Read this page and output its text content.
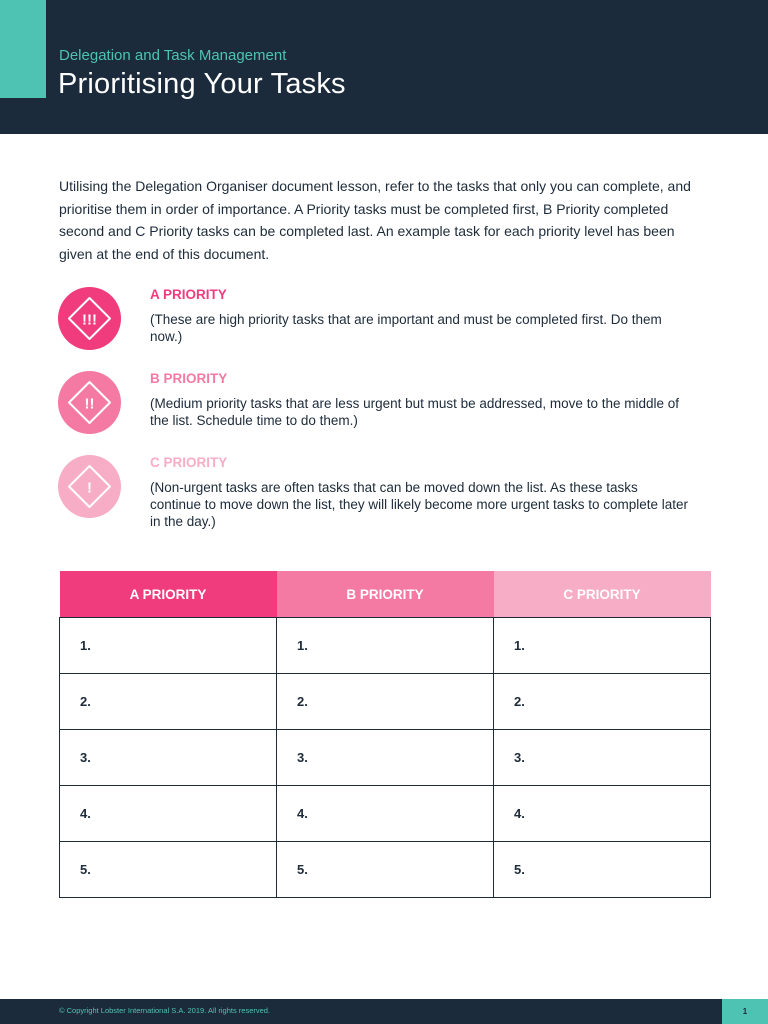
Delegation and Task Management
Prioritising Your Tasks
Utilising the Delegation Organiser document lesson, refer to the tasks that only you can complete, and prioritise them in order of importance. A Priority tasks must be completed first, B Priority completed second and C Priority tasks can be completed last. An example task for each priority level has been given at the end of this document.
!!!
A PRIORITY
(These are high priority tasks that are important and must be completed first. Do them now.)
!!
B PRIORITY
(Medium priority tasks that are less urgent but must be addressed, move to the middle of the list. Schedule time to do them.)
!
C PRIORITY
(Non-urgent tasks are often tasks that can be moved down the list. As these tasks continue to move down the list, they will likely become more urgent tasks to complete later in the day.)
A PRIORITY	B PRIORITY	C PRIORITY
1.	1.	1.
2.	2.	2.
3.	3.	3.
4.	4.	4.
5.	5.	5.
© Copyright Lobster International S.A. 2019. All rights reserved.	1
